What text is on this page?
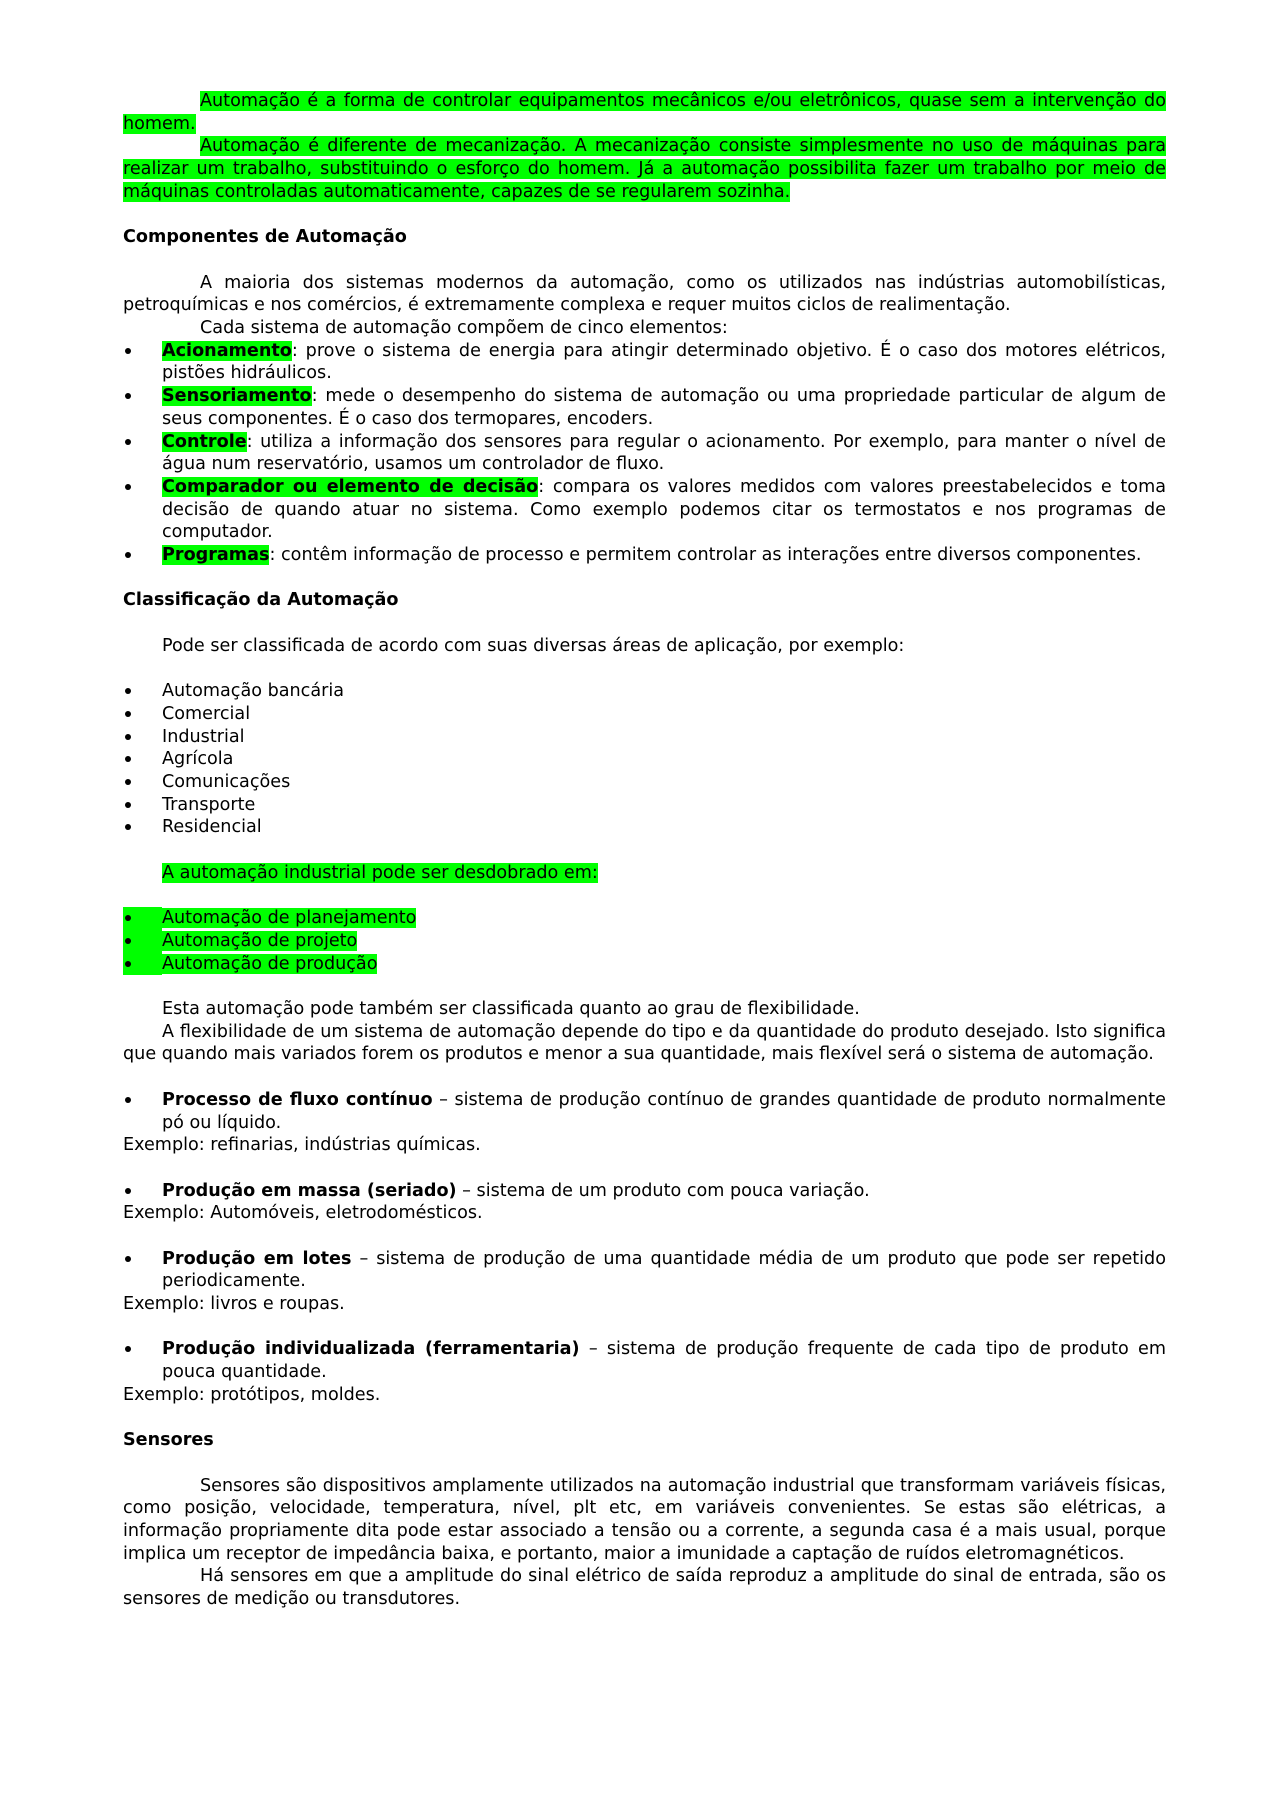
Automação é a forma de controlar equipamentos mecânicos e/ou eletrônicos, quase sem a intervenção do homem.

Automação é diferente de mecanização. A mecanização consiste simplesmente no uso de máquinas para realizar um trabalho, substituindo o esforço do homem. Já a automação possibilita fazer um trabalho por meio de máquinas controladas automaticamente, capazes de se regularem sozinha.

Componentes de Automação

A maioria dos sistemas modernos da automação, como os utilizados nas indústrias automobilísticas, petroquímicas e nos comércios, é extremamente complexa e requer muitos ciclos de realimentação.

Cada sistema de automação compõem de cinco elementos:

Acionamento: prove o sistema de energia para atingir determinado objetivo. É o caso dos motores elétricos, pistões hidráulicos.
Sensoriamento: mede o desempenho do sistema de automação ou uma propriedade particular de algum de seus componentes. É o caso dos termopares, encoders.
Controle: utiliza a informação dos sensores para regular o acionamento. Por exemplo, para manter o nível de água num reservatório, usamos um controlador de fluxo.
Comparador ou elemento de decisão: compara os valores medidos com valores preestabelecidos e toma decisão de quando atuar no sistema. Como exemplo podemos citar os termostatos e nos programas de computador.
Programas: contêm informação de processo e permitem controlar as interações entre diversos componentes.

Classificação da Automação

Pode ser classificada de acordo com suas diversas áreas de aplicação, por exemplo:

Automação bancária
Comercial
Industrial
Agrícola
Comunicações
Transporte
Residencial

A automação industrial pode ser desdobrado em:

Automação de planejamento
Automação de projeto
Automação de produção

Esta automação pode também ser classificada quanto ao grau de flexibilidade.

A flexibilidade de um sistema de automação depende do tipo e da quantidade do produto desejado. Isto significa que quando mais variados forem os produtos e menor a sua quantidade, mais flexível será o sistema de automação.

Processo de fluxo contínuo – sistema de produção contínuo de grandes quantidade de produto normalmente pó ou líquido.

Exemplo: refinarias, indústrias químicas.

Produção em massa (seriado) – sistema de um produto com pouca variação.

Exemplo: Automóveis, eletrodomésticos.

Produção em lotes – sistema de produção de uma quantidade média de um produto que pode ser repetido periodicamente.

Exemplo: livros e roupas.

Produção individualizada (ferramentaria) – sistema de produção frequente de cada tipo de produto em pouca quantidade.

Exemplo: protótipos, moldes.

Sensores

Sensores são dispositivos amplamente utilizados na automação industrial que transformam variáveis físicas, como posição, velocidade, temperatura, nível, plt etc, em variáveis convenientes. Se estas são elétricas, a informação propriamente dita pode estar associado a tensão ou a corrente, a segunda casa é a mais usual, porque implica um receptor de impedância baixa, e portanto, maior a imunidade a captação de ruídos eletromagnéticos.

Há sensores em que a amplitude do sinal elétrico de saída reproduz a amplitude do sinal de entrada, são os sensores de medição ou transdutores.
